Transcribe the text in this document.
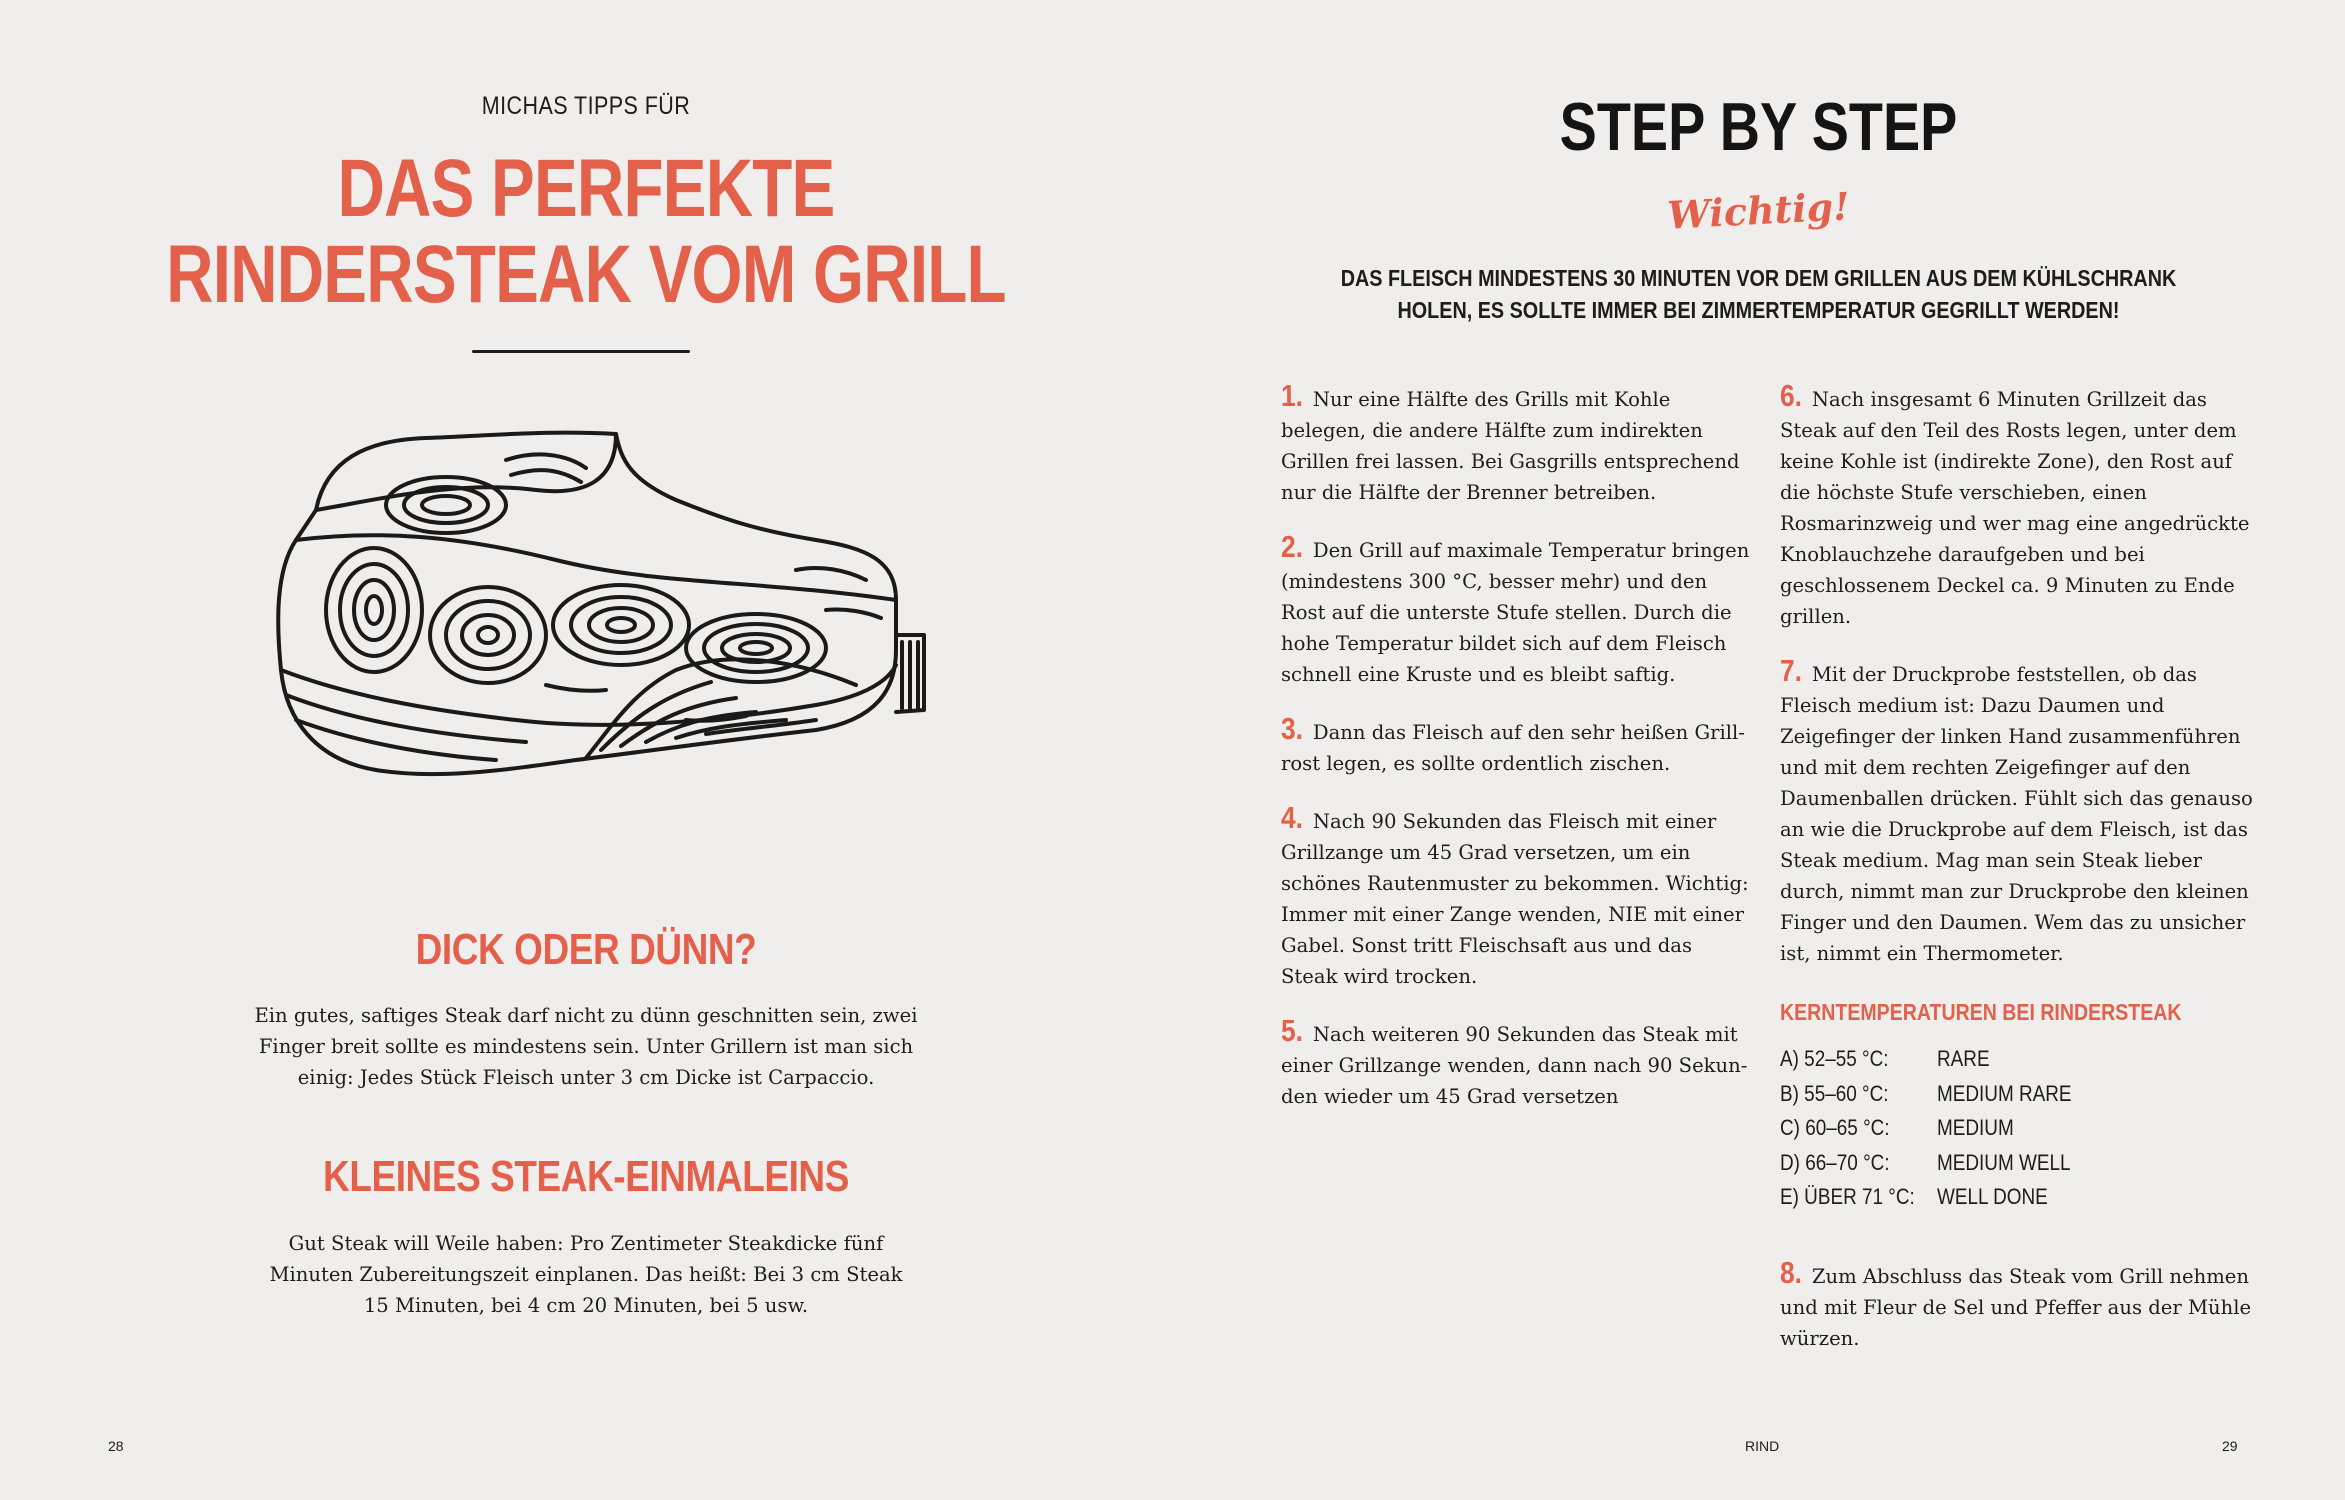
MICHAS TIPPS FÜR
DAS PERFEKTE
RINDERSTEAK VOM GRILL
DICK ODER DÜNN?
Ein gutes, saftiges Steak darf nicht zu dünn geschnitten sein, zwei
Finger breit sollte es mindestens sein. Unter Grillern ist man sich
einig: Jedes Stück Fleisch unter 3 cm Dicke ist Carpaccio.
KLEINES STEAK-EINMALEINS
Gut Steak will Weile haben: Pro Zentimeter Steakdicke fünf
Minuten Zubereitungszeit einplanen. Das heißt: Bei 3 cm Steak
15 Minuten, bei 4 cm 20 Minuten, bei 5 usw.
28
STEP BY STEP
Wichtig!
DAS FLEISCH MINDESTENS 30 MINUTEN VOR DEM GRILLEN AUS DEM KÜHLSCHRANK
HOLEN, ES SOLLTE IMMER BEI ZIMMERTEMPERATUR GEGRILLT WERDEN!

1. Nur eine Hälfte des Grills mit Kohle belegen, die andere Hälfte zum indirekten Grillen frei lassen. Bei Gasgrills entsprechend nur die Hälfte der Brenner betreiben.

2. Den Grill auf maximale Temperatur bringen (mindestens 300 °C, besser mehr) und den Rost auf die unterste Stufe stellen. Durch die hohe Temperatur bildet sich auf dem Fleisch schnell eine Kruste und es bleibt saftig.

3. Dann das Fleisch auf den sehr heißen Grillrost legen, es sollte ordentlich zischen.

4. Nach 90 Sekunden das Fleisch mit einer Grillzange um 45 Grad versetzen, um ein schönes Rautenmuster zu bekommen. Wichtig: Immer mit einer Zange wenden, NIE mit einer Gabel. Sonst tritt Fleischsaft aus und das Steak wird trocken.

5. Nach weiteren 90 Sekunden das Steak mit einer Grillzange wenden, dann nach 90 Sekunden wieder um 45 Grad versetzen

6. Nach insgesamt 6 Minuten Grillzeit das Steak auf den Teil des Rosts legen, unter dem keine Kohle ist (indirekte Zone), den Rost auf die höchste Stufe verschieben, einen Rosmarinzweig und wer mag eine angedrückte Knoblauchzehe daraufgeben und bei geschlossenem Deckel ca. 9 Minuten zu Ende grillen.

7. Mit der Druckprobe feststellen, ob das Fleisch medium ist: Dazu Daumen und Zeigefinger der linken Hand zusammenführen und mit dem rechten Zeigefinger auf den Daumenballen drücken. Fühlt sich das genauso an wie die Druckprobe auf dem Fleisch, ist das Steak medium. Mag man sein Steak lieber durch, nimmt man zur Druckprobe den kleinen Finger und den Daumen. Wem das zu unsicher ist, nimmt ein Thermometer.

KERNTEMPERATUREN BEI RINDERSTEAK
A) 52–55 °C:	RARE
B) 55–60 °C:	MEDIUM RARE
C) 60–65 °C:	MEDIUM
D) 66–70 °C:	MEDIUM WELL
E) ÜBER 71 °C:	WELL DONE

8. Zum Abschluss das Steak vom Grill nehmen und mit Fleur de Sel und Pfeffer aus der Mühle würzen.

RIND	29
